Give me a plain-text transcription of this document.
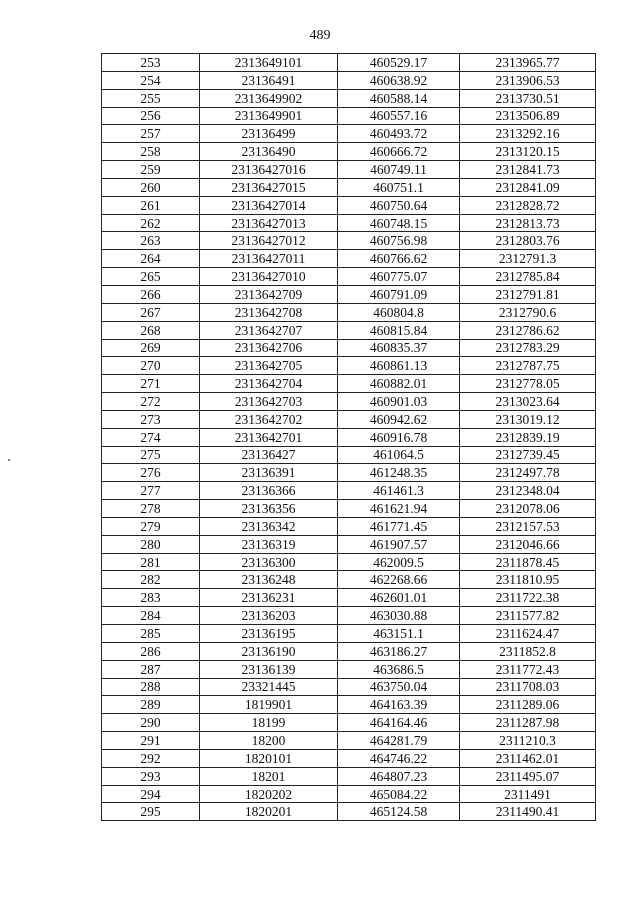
489
253	2313649101	460529.17	2313965.77
254	23136491	460638.92	2313906.53
255	2313649902	460588.14	2313730.51
256	2313649901	460557.16	2313506.89
257	23136499	460493.72	2313292.16
258	23136490	460666.72	2313120.15
259	23136427016	460749.11	2312841.73
260	23136427015	460751.1	2312841.09
261	23136427014	460750.64	2312828.72
262	23136427013	460748.15	2312813.73
263	23136427012	460756.98	2312803.76
264	23136427011	460766.62	2312791.3
265	23136427010	460775.07	2312785.84
266	2313642709	460791.09	2312791.81
267	2313642708	460804.8	2312790.6
268	2313642707	460815.84	2312786.62
269	2313642706	460835.37	2312783.29
270	2313642705	460861.13	2312787.75
271	2313642704	460882.01	2312778.05
272	2313642703	460901.03	2313023.64
273	2313642702	460942.62	2313019.12
274	2313642701	460916.78	2312839.19
275	23136427	461064.5	2312739.45
276	23136391	461248.35	2312497.78
277	23136366	461461.3	2312348.04
278	23136356	461621.94	2312078.06
279	23136342	461771.45	2312157.53
280	23136319	461907.57	2312046.66
281	23136300	462009.5	2311878.45
282	23136248	462268.66	2311810.95
283	23136231	462601.01	2311722.38
284	23136203	463030.88	2311577.82
285	23136195	463151.1	2311624.47
286	23136190	463186.27	2311852.8
287	23136139	463686.5	2311772.43
288	23321445	463750.04	2311708.03
289	1819901	464163.39	2311289.06
290	18199	464164.46	2311287.98
291	18200	464281.79	2311210.3
292	1820101	464746.22	2311462.01
293	18201	464807.23	2311495.07
294	1820202	465084.22	2311491
295	1820201	465124.58	2311490.41
